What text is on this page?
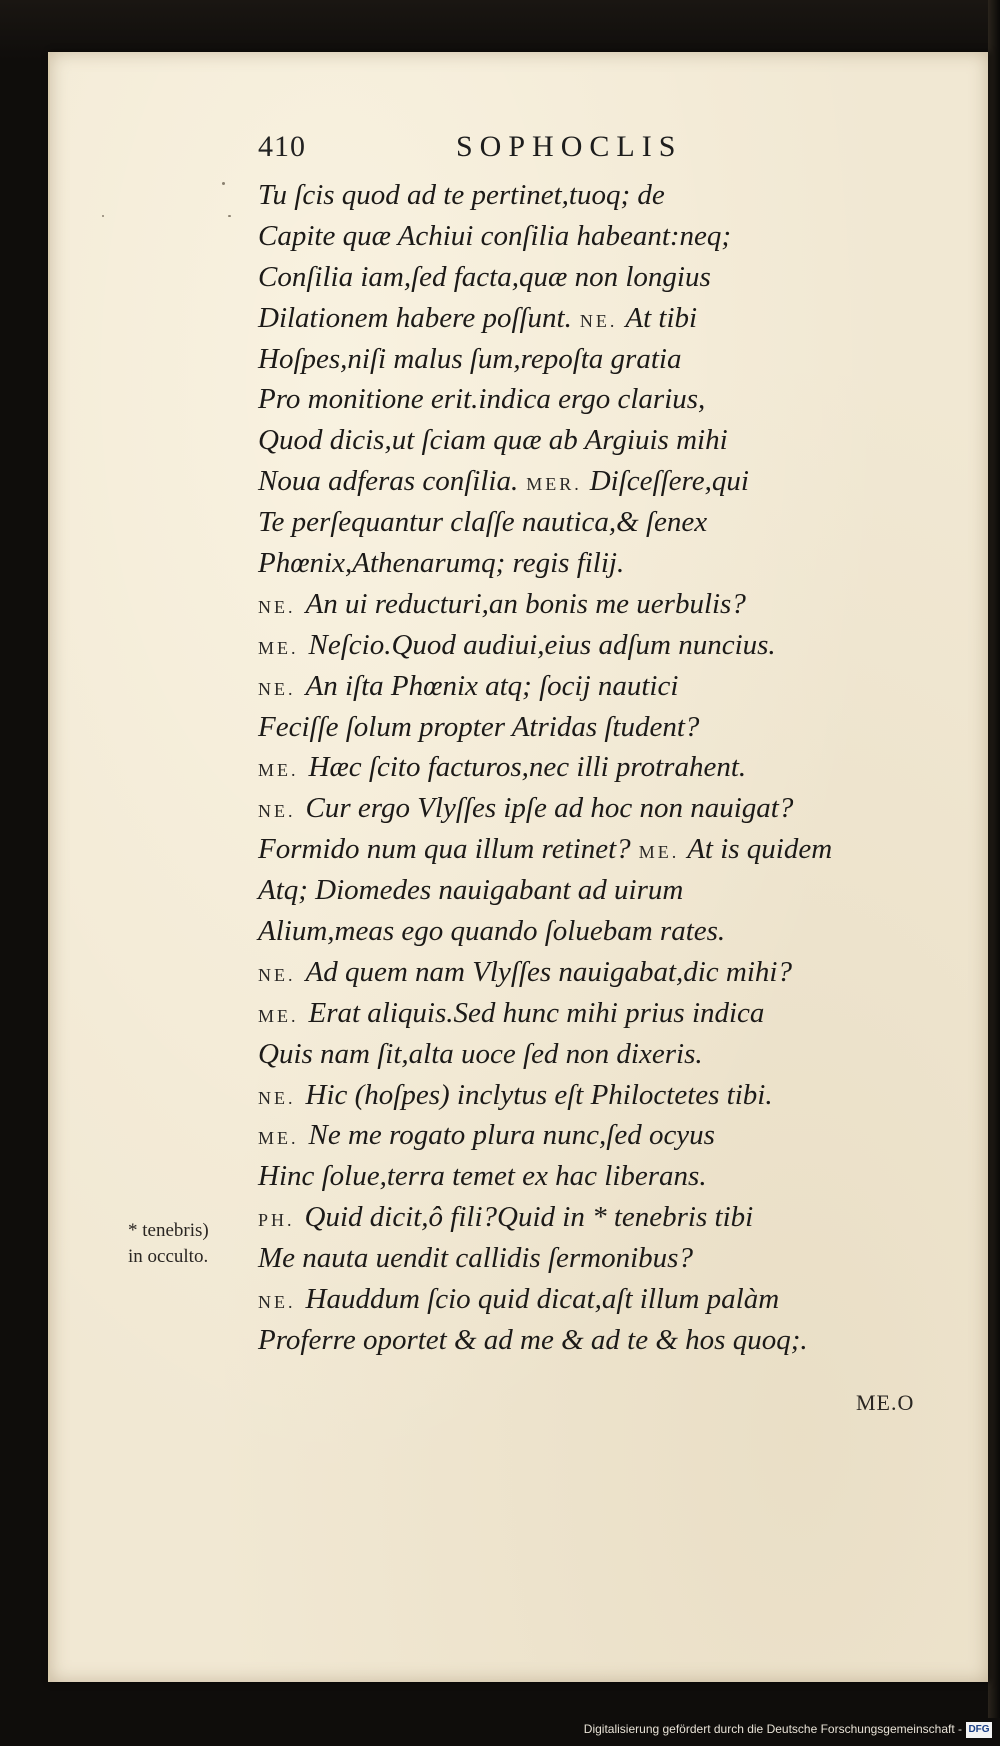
410	SOPHOCLIS
Tu ſcis quod ad te pertinet,tuoq; de
Capite quæ Achiui conſilia habeant:neq;
Conſilia iam,ſed facta,quæ non longius
Dilationem habere poſſunt. NE. At tibi
Hoſpes,niſi malus ſum,repoſta gratia
Pro monitione erit.indica ergo clarius,
Quod dicis,ut ſciam quæ ab Argiuis mihi
Noua adferas conſilia. MER. Diſceſſere,qui
Te perſequantur claſſe nautica,& ſenex
Phœnix,Athenarumq; regis filij.
NE. An ui reducturi,an bonis me uerbulis?
ME. Neſcio.Quod audiui,eius adſum nuncius.
NE. An iſta Phœnix atq; ſocij nautici
Feciſſe ſolum propter Atridas ſtudent?
ME. Hæc ſcito facturos,nec illi protrahent.
NE. Cur ergo Vlyſſes ipſe ad hoc non nauigat?
Formido num qua illum retinet? ME. At is quidem
Atq; Diomedes nauigabant ad uirum
Alium,meas ego quando ſoluebam rates.
NE. Ad quem nam Vlyſſes nauigabat,dic mihi?
ME. Erat aliquis.Sed hunc mihi prius indica
Quis nam ſit,alta uoce ſed non dixeris.
NE. Hic (hoſpes) inclytus eſt Philoctetes tibi.
ME. Ne me rogato plura nunc,ſed ocyus
Hinc ſolue,terra temet ex hac liberans.
PH. Quid dicit,ô fili?Quid in * tenebris tibi
Me nauta uendit callidis ſermonibus?
NE. Hauddum ſcio quid dicat,aſt illum palàm
Proferre oportet & ad me & ad te & hos quoq;.
* tenebris)
in occulto.
ME.O
Digitalisierung gefördert durch die Deutsche Forschungsgemeinschaft - DFG
